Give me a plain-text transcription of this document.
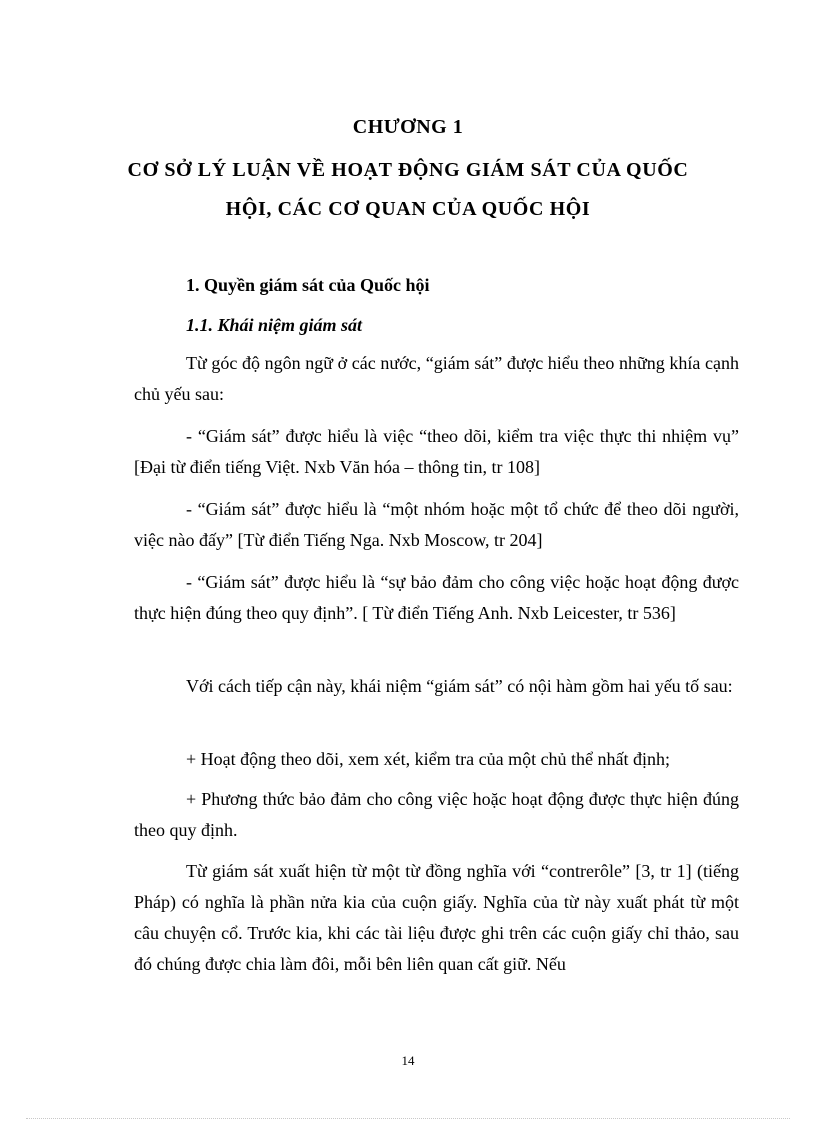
CHƯƠNG 1
CƠ SỞ LÝ LUẬN VỀ HOẠT ĐỘNG GIÁM SÁT CỦA QUỐC
HỘI, CÁC CƠ QUAN CỦA QUỐC HỘI
1. Quyền giám sát của Quốc hội
1.1. Khái niệm giám sát

Từ góc độ ngôn ngữ ở các nước, “giám sát” được hiểu theo những khía cạnh chủ yếu sau:

- “Giám sát” được hiểu là việc “theo dõi, kiểm tra việc thực thi nhiệm vụ” [Đại từ điển tiếng Việt. Nxb Văn hóa – thông tin, tr 108]

- “Giám sát” được hiểu là “một nhóm hoặc một tổ chức để theo dõi người, việc nào đấy” [Từ điển Tiếng Nga. Nxb Moscow, tr 204]

- “Giám sát” được hiểu là “sự bảo đảm cho công việc hoặc hoạt động được thực hiện đúng theo quy định”. [ Từ điển Tiếng Anh. Nxb Leicester, tr 536]

Với cách tiếp cận này, khái niệm “giám sát” có nội hàm gồm hai yếu tố sau:

+ Hoạt động theo dõi, xem xét, kiểm tra của một chủ thể nhất định;

+ Phương thức bảo đảm cho công việc hoặc hoạt động được thực hiện đúng theo quy định.

Từ giám sát xuất hiện từ một từ đồng nghĩa với “contrerôle” [3, tr 1] (tiếng Pháp) có nghĩa là phần nửa kia của cuộn giấy. Nghĩa của từ này xuất phát từ một câu chuyện cổ. Trước kia, khi các tài liệu được ghi trên các cuộn giấy chỉ thảo, sau đó chúng được chia làm đôi, mỗi bên liên quan cất giữ. Nếu

14
